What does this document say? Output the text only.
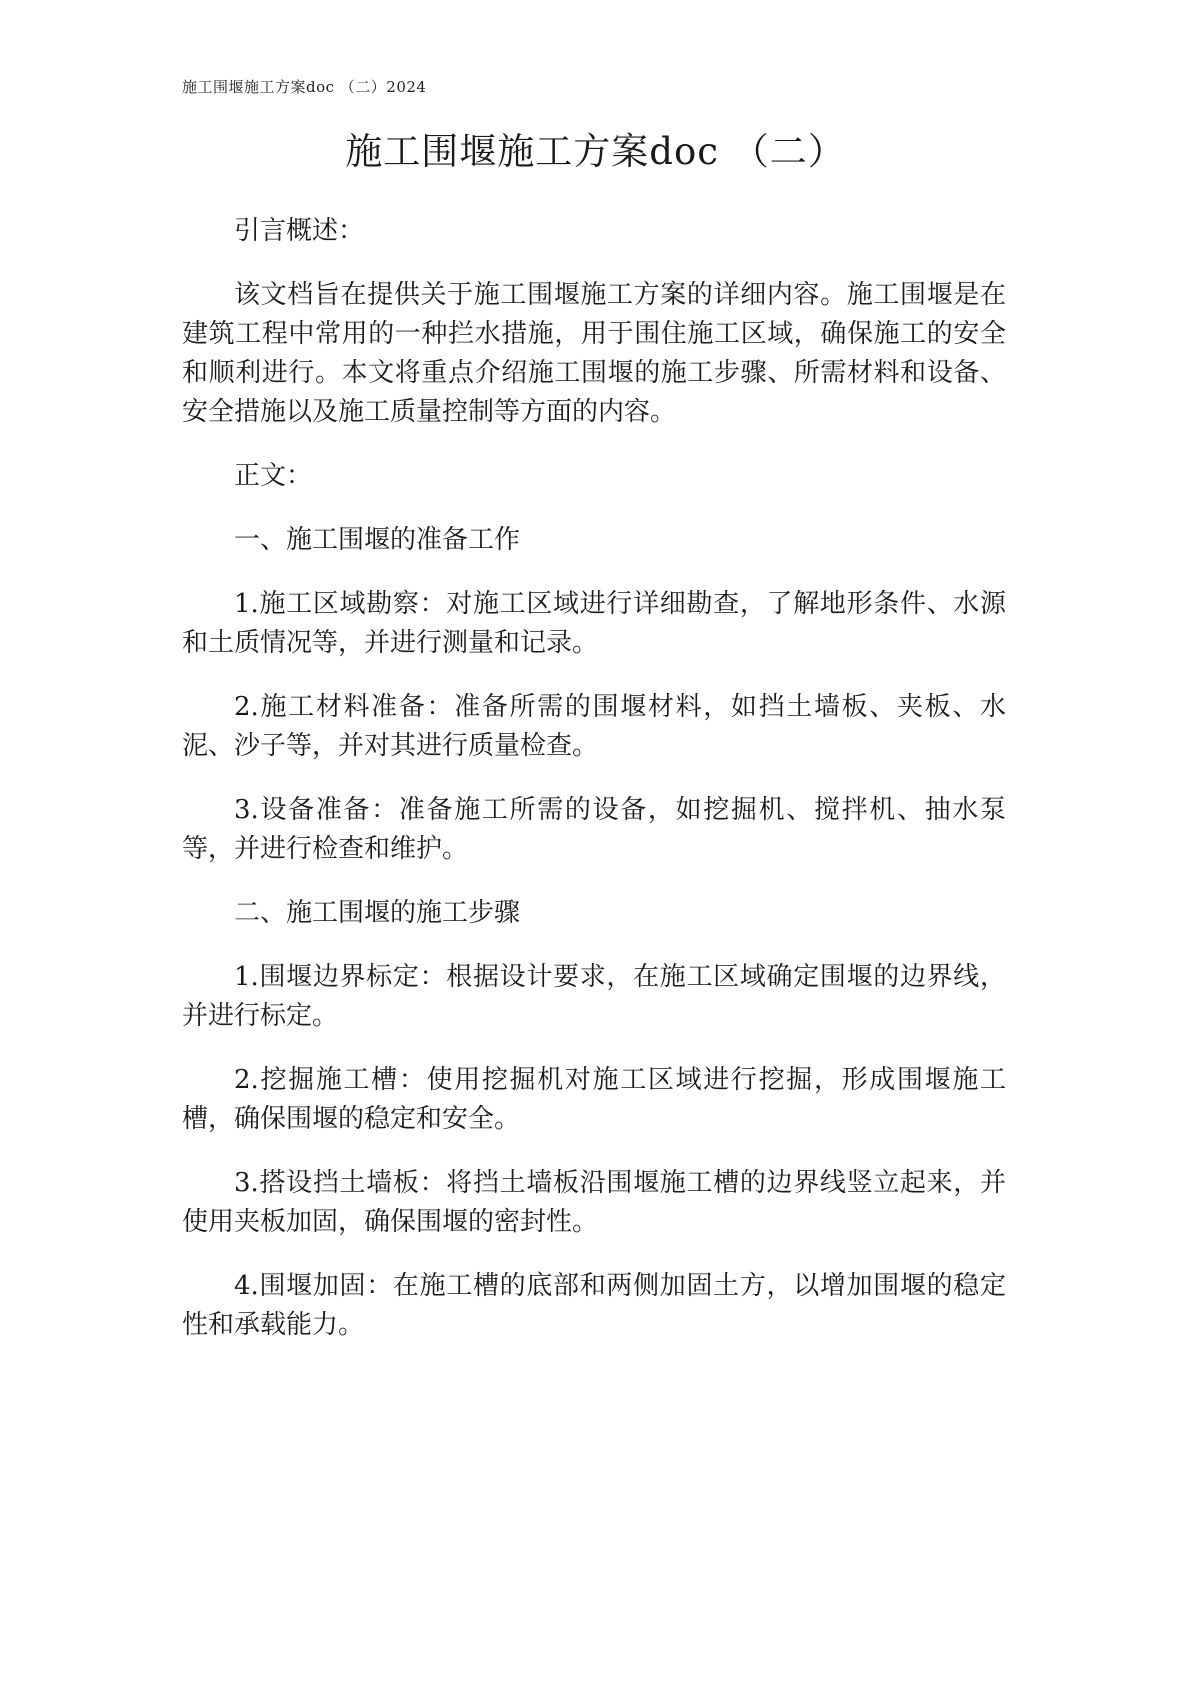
施工围堰施工方案doc （二）2024
施工围堰施工方案doc （二）

引言概述：

该文档旨在提供关于施工围堰施工方案的详细内容。施工围堰是在建筑工程中常用的一种拦水措施，用于围住施工区域，确保施工的安全和顺利进行。本文将重点介绍施工围堰的施工步骤、所需材料和设备、安全措施以及施工质量控制等方面的内容。

正文：

一、施工围堰的准备工作

1.施工区域勘察：对施工区域进行详细勘查，了解地形条件、水源和土质情况等，并进行测量和记录。

2.施工材料准备：准备所需的围堰材料，如挡土墙板、夹板、水泥、沙子等，并对其进行质量检查。

3.设备准备：准备施工所需的设备，如挖掘机、搅拌机、抽水泵等，并进行检查和维护。

二、施工围堰的施工步骤

1.围堰边界标定：根据设计要求，在施工区域确定围堰的边界线，并进行标定。

2.挖掘施工槽：使用挖掘机对施工区域进行挖掘，形成围堰施工槽，确保围堰的稳定和安全。

3.搭设挡土墙板：将挡土墙板沿围堰施工槽的边界线竖立起来，并使用夹板加固，确保围堰的密封性。

4.围堰加固：在施工槽的底部和两侧加固土方，以增加围堰的稳定性和承载能力。
